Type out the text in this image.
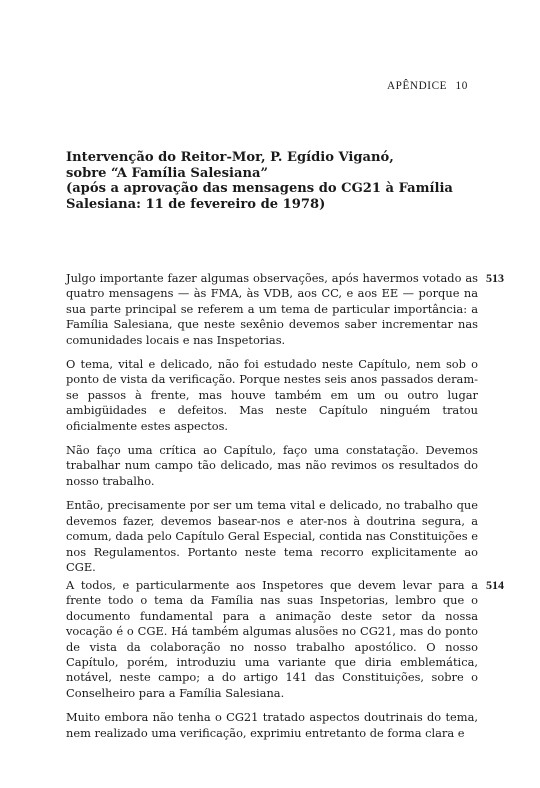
APÊNDICE 10
Intervenção do Reitor-Mor, P. Egídio Viganó,
sobre “A Família Salesiana”
(após a aprovação das mensagens do CG21 à Família
Salesiana: 11 de fevereiro de 1978)
513

Julgo importante fazer algumas observações, após havermos votado as quatro mensagens — às FMA, às VDB, aos CC, e aos EE — porque na sua parte principal se referem a um tema de particular importância: a Família Salesiana, que neste sexênio devemos saber incrementar nas comunidades locais e nas Inspetorias.

O tema, vital e delicado, não foi estudado neste Capítulo, nem sob o ponto de vista da verificação. Porque nestes seis anos passados deram-se passos à frente, mas houve também em um ou outro lugar ambigüidades e defeitos. Mas neste Capítulo ninguém tratou oficialmente estes aspectos.

Não faço uma crítica ao Capítulo, faço uma constatação. Devemos trabalhar num campo tão delicado, mas não revimos os resultados do nosso trabalho.

Então, precisamente por ser um tema vital e delicado, no trabalho que devemos fazer, devemos basear-nos e ater-nos à doutrina segura, a comum, dada pelo Capítulo Geral Especial, contida nas Constituições e nos Regulamentos. Portanto neste tema recorro explicitamente ao CGE.

514

A todos, e particularmente aos Inspetores que devem levar para a frente todo o tema da Família nas suas Inspetorias, lembro que o documento fundamental para a animação deste setor da nossa vocação é o CGE. Há também algumas alusões no CG21, mas do ponto de vista da colaboração no nosso trabalho apostólico. O nosso Capítulo, porém, introduziu uma variante que diria emblemática, notável, neste campo; a do artigo 141 das Constituições, sobre o Conselheiro para a Família Salesiana.

Muito embora não tenha o CG21 tratado aspectos doutrinais do tema, nem realizado uma verificação, exprimiu entretanto de forma clara e
